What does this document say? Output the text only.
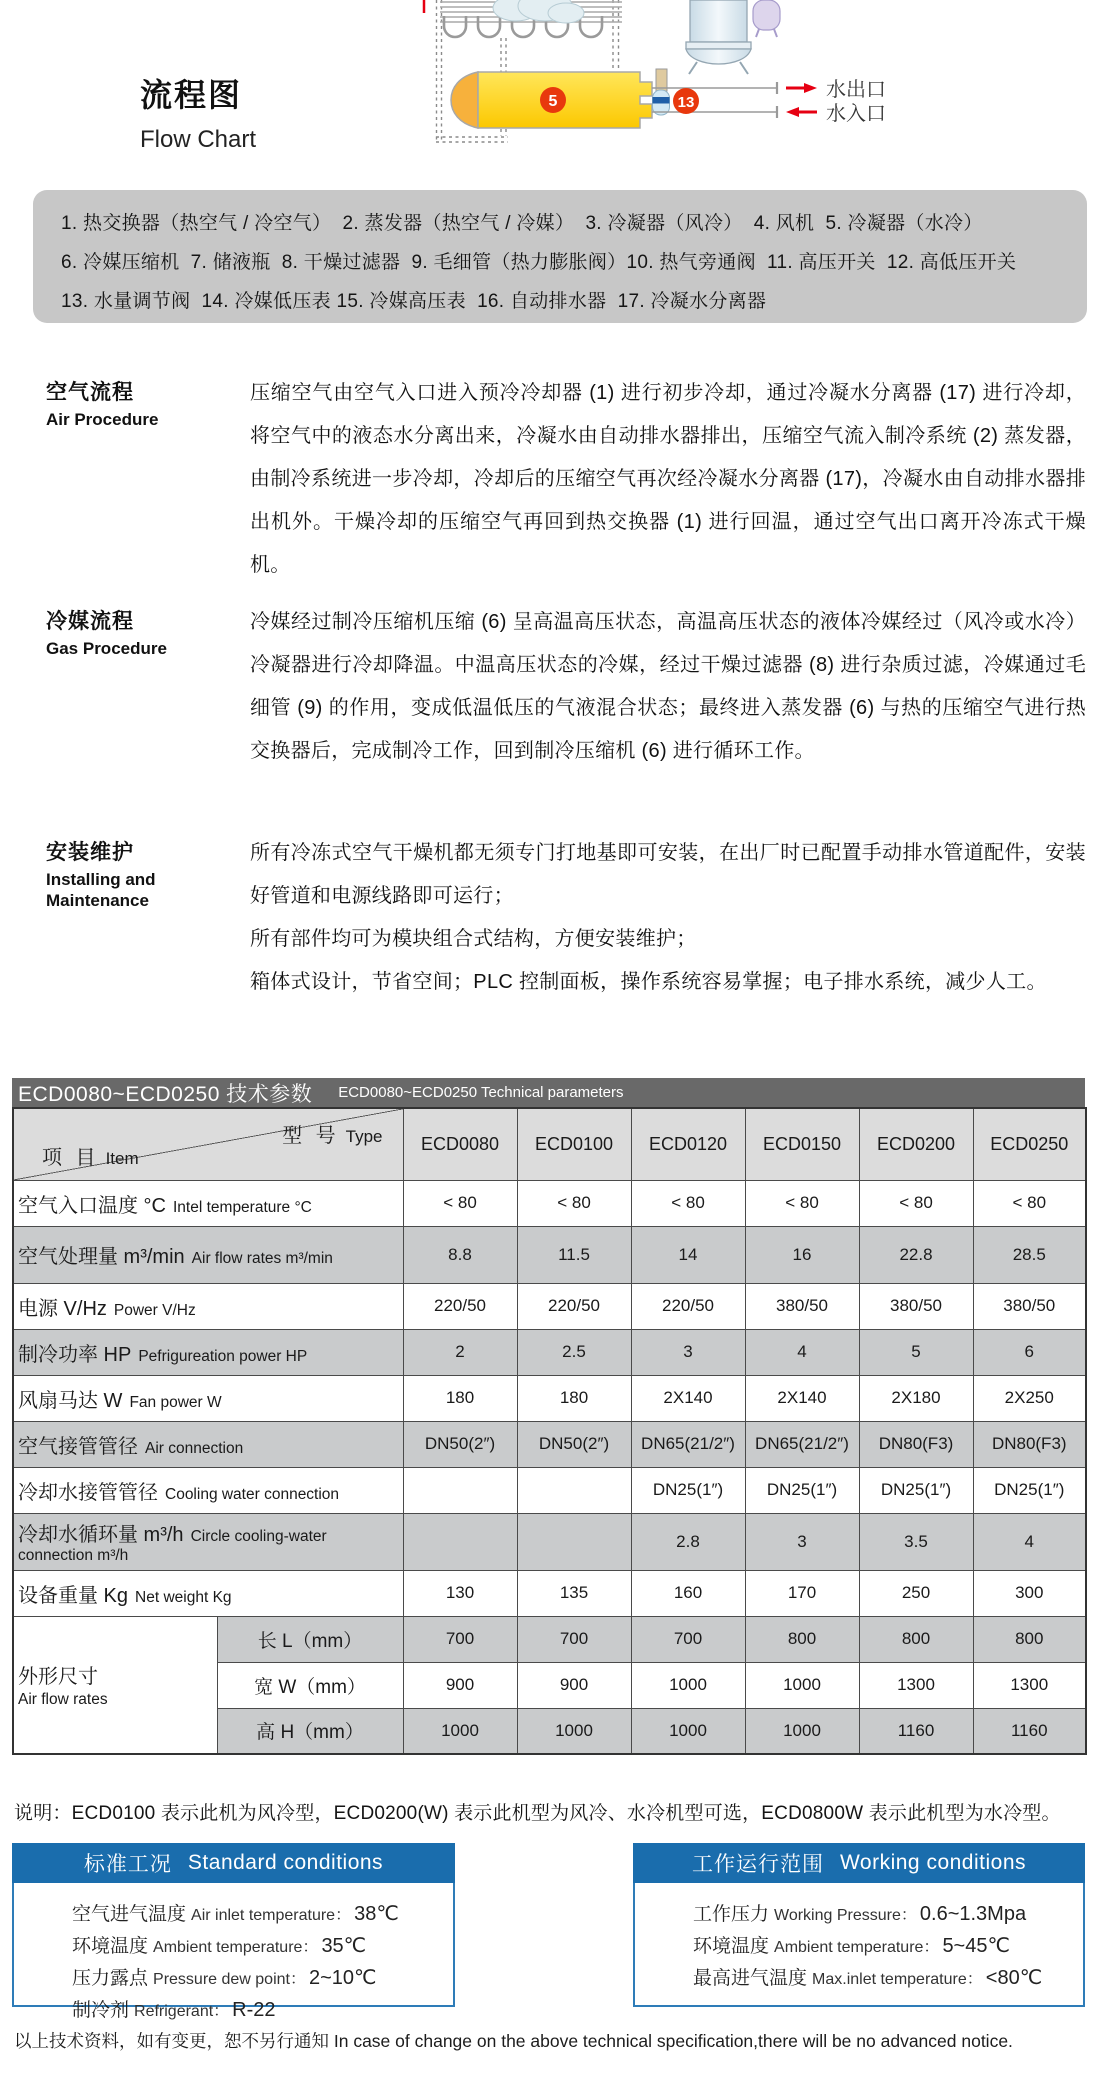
5	13
水出口
水入口
流程图
Flow Chart
1. 热交换器（热空气 / 冷空气）  2. 蒸发器（热空气 / 冷媒）  3. 冷凝器（风冷）  4. 风机  5. 冷凝器（水冷）
6. 冷媒压缩机  7. 储液瓶  8. 干燥过滤器  9. 毛细管（热力膨胀阀）10. 热气旁通阀  11. 高压开关  12. 高低压开关
13. 水量调节阀  14. 冷媒低压表 15. 冷媒高压表  16. 自动排水器  17. 冷凝水分离器
空气流程
Air Procedure
压缩空气由空气入口进入预冷冷却器 (1) 进行初步冷却，通过冷凝水分离器 (17) 进行冷却，将空气中的液态水分离出来，冷凝水由自动排水器排出，压缩空气流入制冷系统 (2) 蒸发器，由制冷系统进一步冷却，冷却后的压缩空气再次经冷凝水分离器 (17)，冷凝水由自动排水器排出机外。干燥冷却的压缩空气再回到热交换器 (1) 进行回温，通过空气出口离开冷冻式干燥机。
冷媒流程
Gas Procedure
冷媒经过制冷压缩机压缩 (6) 呈高温高压状态，高温高压状态的液体冷媒经过（风冷或水冷）冷凝器进行冷却降温。中温高压状态的冷媒，经过干燥过滤器 (8) 进行杂质过滤，冷媒通过毛细管 (9) 的作用，变成低温低压的气液混合状态；最终进入蒸发器 (6) 与热的压缩空气进行热交换器后，完成制冷工作，回到制冷压缩机 (6) 进行循环工作。
安装维护
Installing and Maintenance

所有冷冻式空气干燥机都无须专门打地基即可安装，在出厂时已配置手动排水管道配件，安装好管道和电源线路即可运行；

所有部件均可为模块组合式结构，方便安装维护；

箱体式设计，节省空间；PLC 控制面板，操作系统容易掌握；电子排水系统，减少人工。

ECD0080~ECD0250 技术参数 ECD0080~ECD0250 Technical parameters
型 号 Type
项 目 Item		ECD0080	ECD0100	ECD0120	ECD0150	ECD0200	ECD0250
空气入口温度 °C Intel temperature °C		< 80	< 80	< 80	< 80	< 80	< 80
空气处理量 m³/min Air flow rates m³/min		8.8	11.5	14	16	22.8	28.5
电源 V/Hz Power V/Hz		220/50	220/50	220/50	380/50	380/50	380/50
制冷功率 HP Pefrigureation power HP		2	2.5	3	4	5	6
风扇马达 W Fan power W		180	180	2X140	2X140	2X180	2X250
空气接管管径 Air connection		DN50(2″)	DN50(2″)	DN65(21/2″)	DN65(21/2″)	DN80(F3)	DN80(F3)
冷却水接管管径 Cooling water connection				DN25(1″)	DN25(1″)	DN25(1″)	DN25(1″)
冷却水循环量 m³/h Circle cooling-water connection m³/h				2.8	3	3.5	4
设备重量 Kg Net weight Kg		130	135	160	170	250	300

外形尺寸
Air flow rates	长 L（mm）	700	700	700	800	800	800
	宽 W（mm）	900	900	1000	1000	1300	1300
	高 H（mm）	1000	1000	1000	1000	1160	1160
说明：ECD0100 表示此机为风冷型，ECD0200(W) 表示此机型为风冷、水冷机型可选，ECD0800W 表示此机型为水冷型。
标准工况 Standard conditions
空气进气温度 Air inlet temperature： 38℃
环境温度 Ambient temperature： 35℃
压力露点 Pressure dew point： 2~10℃
制冷剂 Refrigerant： R-22
工作运行范围 Working conditions
工作压力 Working Pressure： 0.6~1.3Mpa
环境温度 Ambient temperature： 5~45℃
最高进气温度 Max.inlet temperature： <80℃
以上技术资料，如有变更，恕不另行通知 In case of change on the above technical specification,there will be no advanced notice.
